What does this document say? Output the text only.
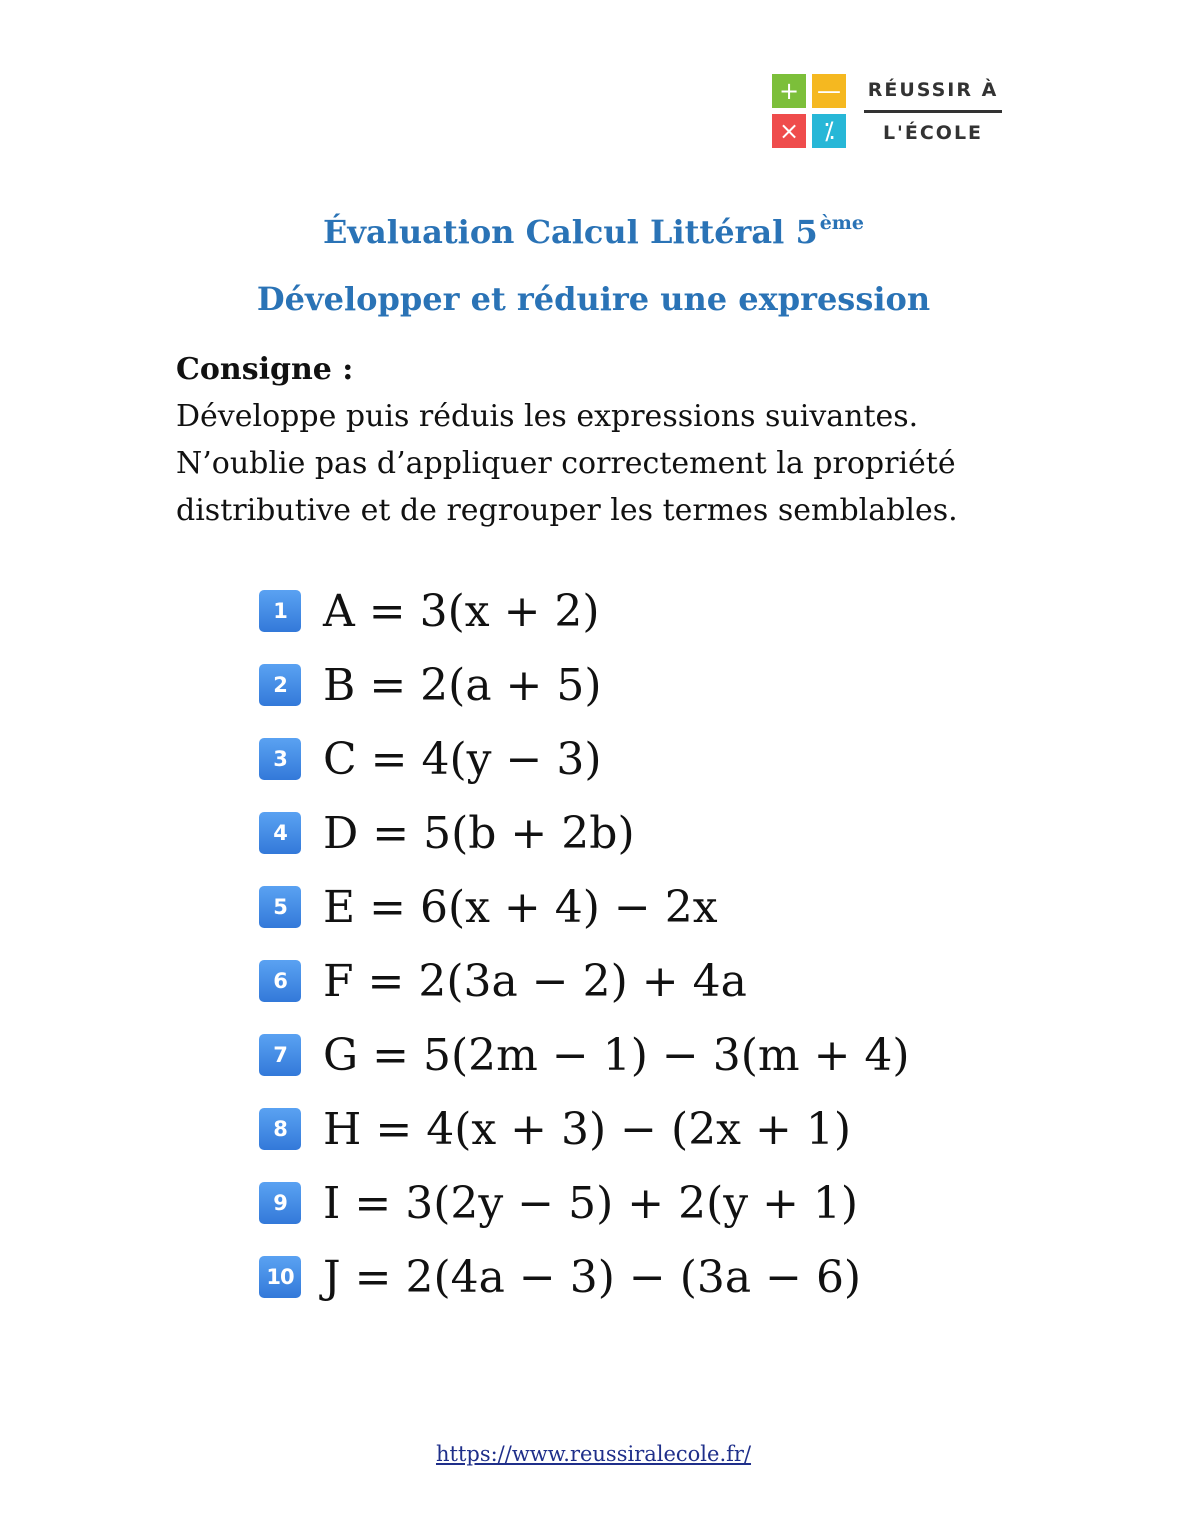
+ —
×	⁒
RÉUSSIR À
L'ÉCOLE
Évaluation Calcul Littéral 5 $^{ème}$
Développer et réduire une expression
Consigne :
Développe puis réduis les expressions suivantes.
N’oublie pas d’appliquer correctement la propriété
distributive et de regrouper les termes semblables.
1 A = 3(x + 2)
2 B = 2(a + 5)
3 C = 4(y − 3)
4 D = 5(b + 2b)
5 E = 6(x + 4) − 2x
6 F = 2(3a − 2) + 4a
7 G = 5(2m − 1) − 3(m + 4)
8 H = 4(x + 3) − (2x + 1)
9 I = 3(2y − 5) + 2(y + 1)
10 J = 2(4a − 3) − (3a − 6)
https://www.reussiralecole.fr/
